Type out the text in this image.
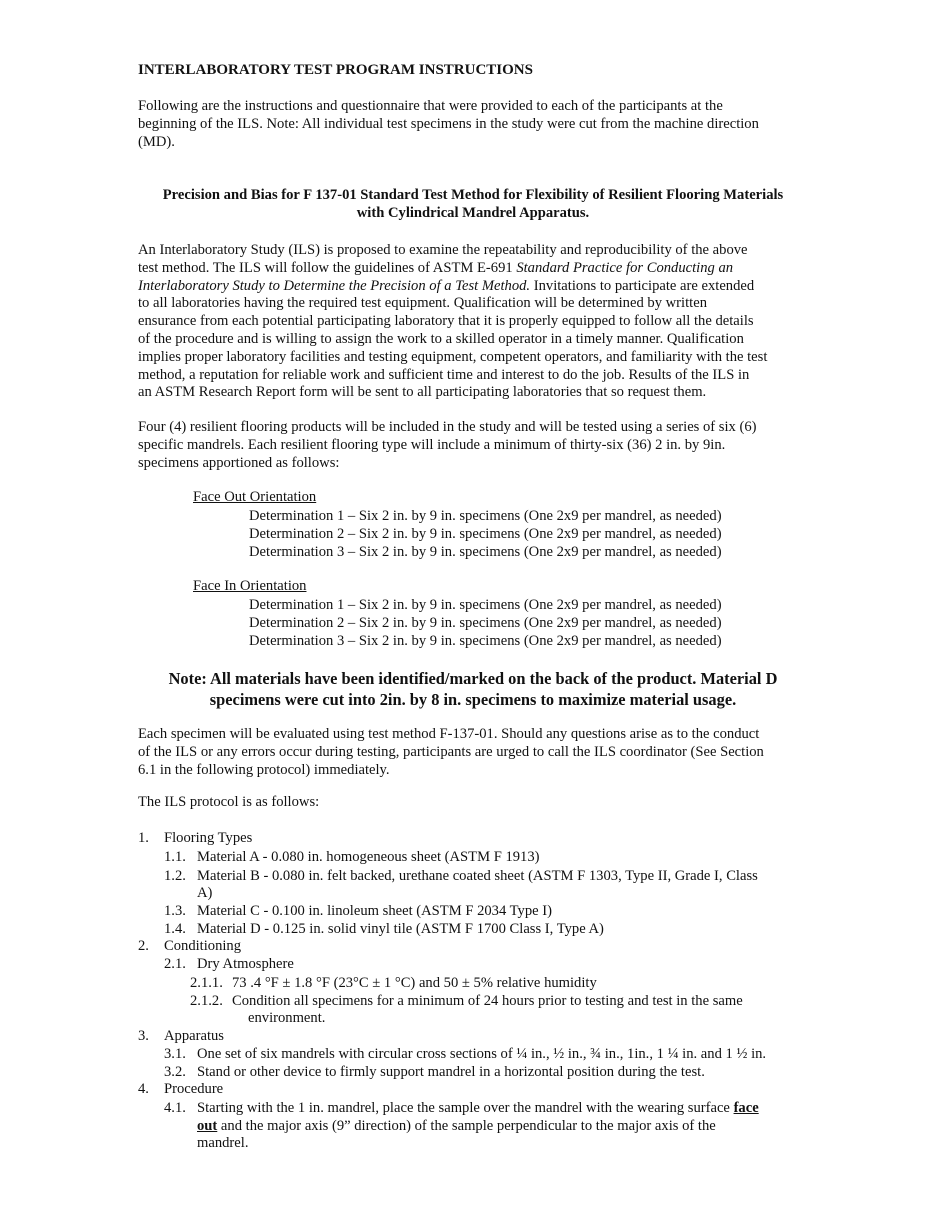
INTERLABORATORY TEST PROGRAM INSTRUCTIONS

Following are the instructions and questionnaire that were provided to each of the participants at the

beginning of the ILS. Note: All individual test specimens in the study were cut from the machine direction

(MD).

Precision and Bias for F 137-01 Standard Test Method for Flexibility of Resilient Flooring Materials

with Cylindrical Mandrel Apparatus.

An Interlaboratory Study (ILS) is proposed to examine the repeatability and reproducibility of the above

test method. The ILS will follow the guidelines of ASTM E-691 Standard Practice for Conducting an

Interlaboratory Study to Determine the Precision of a Test Method. Invitations to participate are extended

to all laboratories having the required test equipment. Qualification will be determined by written

ensurance from each potential participating laboratory that it is properly equipped to follow all the details

of the procedure and is willing to assign the work to a skilled operator in a timely manner. Qualification

implies proper laboratory facilities and testing equipment, competent operators, and familiarity with the test

method, a reputation for reliable work and sufficient time and interest to do the job. Results of the ILS in

an ASTM Research Report form will be sent to all participating laboratories that so request them.

Four (4) resilient flooring products will be included in the study and will be tested using a series of six (6)

specific mandrels. Each resilient flooring type will include a minimum of thirty-six (36) 2 in. by 9in.

specimens apportioned as follows:

Face Out Orientation
Determination 1 – Six 2 in. by 9 in. specimens (One 2x9 per mandrel, as needed)
Determination 2 – Six 2 in. by 9 in. specimens (One 2x9 per mandrel, as needed)
Determination 3 – Six 2 in. by 9 in. specimens (One 2x9 per mandrel, as needed)
Face In Orientation
Determination 1 – Six 2 in. by 9 in. specimens (One 2x9 per mandrel, as needed)
Determination 2 – Six 2 in. by 9 in. specimens (One 2x9 per mandrel, as needed)
Determination 3 – Six 2 in. by 9 in. specimens (One 2x9 per mandrel, as needed)

Note: All materials have been identified/marked on the back of the product. Material D

specimens were cut into 2in. by 8 in. specimens to maximize material usage.

Each specimen will be evaluated using test method F-137-01. Should any questions arise as to the conduct

of the ILS or any errors occur during testing, participants are urged to call the ILS coordinator (See Section

6.1 in the following protocol) immediately.

The ILS protocol is as follows:
1. Flooring Types
1.1. Material A - 0.080 in. homogeneous sheet (ASTM F 1913)
1.2. Material B - 0.080 in. felt backed, urethane coated sheet (ASTM F 1303, Type II, Grade I, Class
A)
1.3. Material C - 0.100 in. linoleum sheet (ASTM F 2034 Type I)
1.4. Material D - 0.125 in. solid vinyl tile (ASTM F 1700 Class I, Type A)
2. Conditioning
2.1. Dry Atmosphere
2.1.1. 73 .4 °F ± 1.8 °F (23°C ± 1 °C) and 50 ± 5% relative humidity
2.1.2. Condition all specimens for a minimum of 24 hours prior to testing and test in the same
environment.
3. Apparatus
3.1. One set of six mandrels with circular cross sections of ¼ in., ½ in., ¾ in., 1in., 1 ¼ in. and 1 ½ in.
3.2. Stand or other device to firmly support mandrel in a horizontal position during the test.
4. Procedure
4.1. Starting with the 1 in. mandrel, place the sample over the mandrel with the wearing surface face
out and the major axis (9” direction) of the sample perpendicular to the major axis of the
mandrel.
